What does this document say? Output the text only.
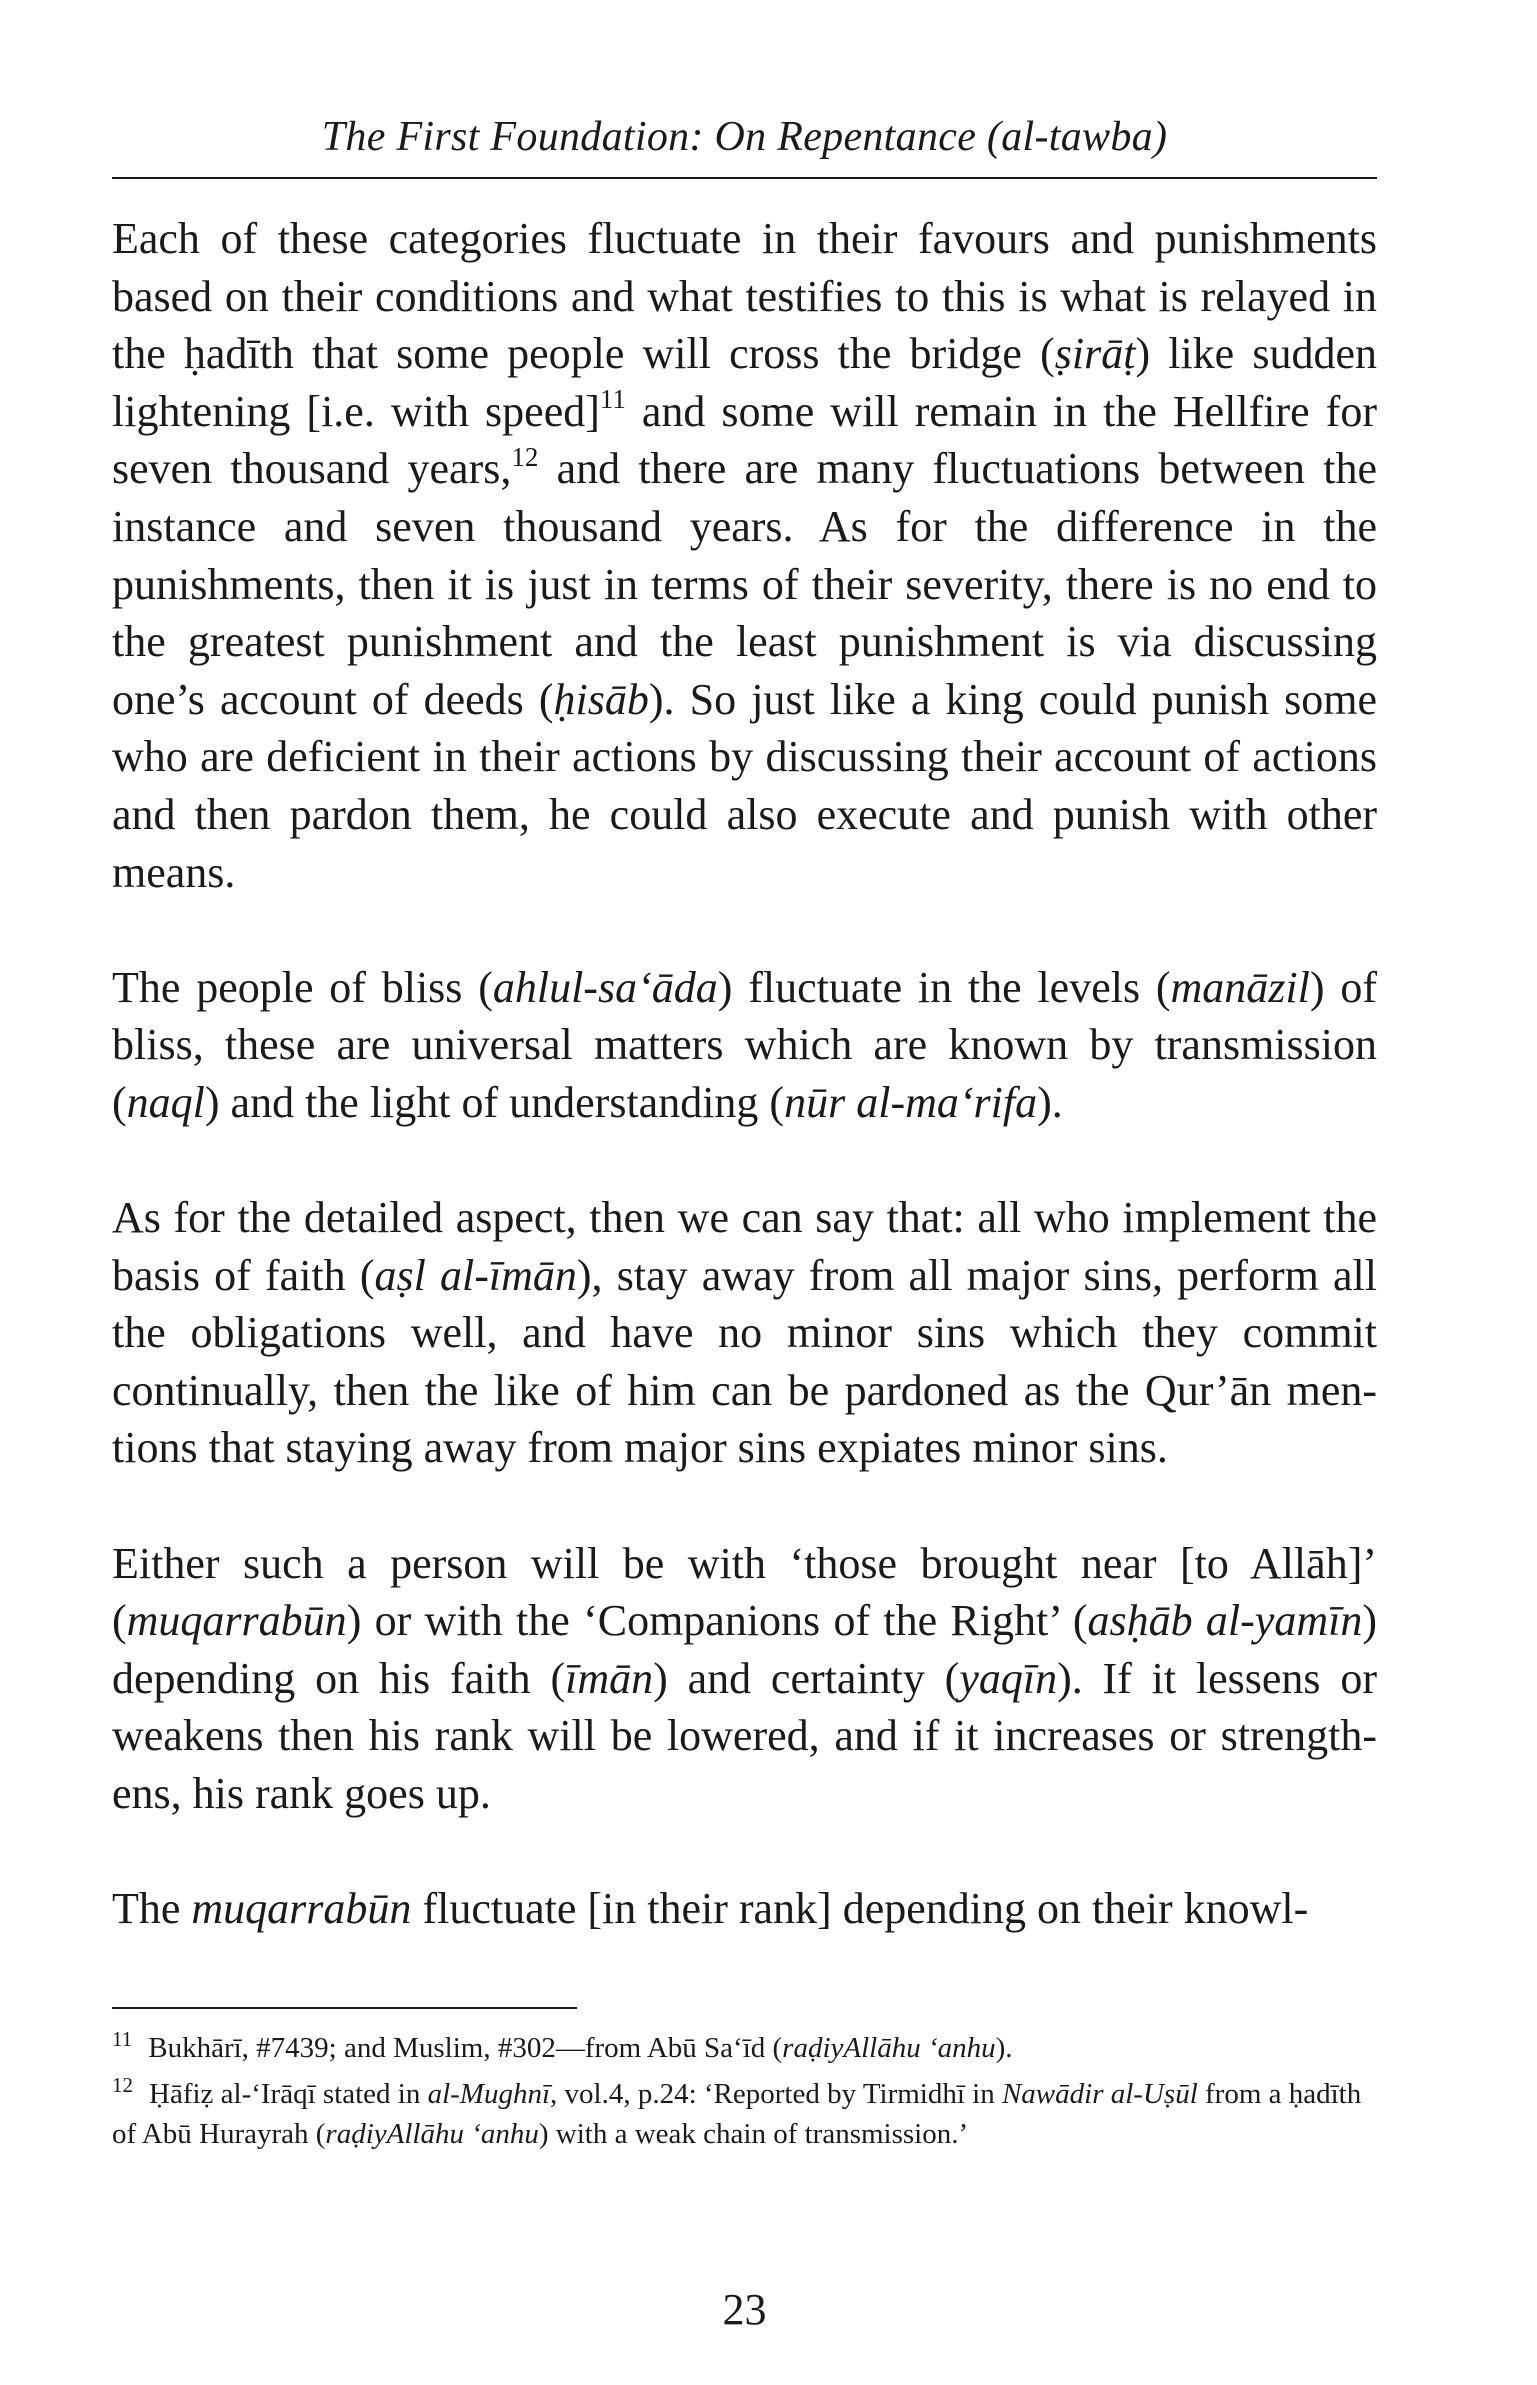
The First Foundation: On Repentance (al-tawba)

Each of these categories fluctuate in their favours and punishments based on their conditions and what testifies to this is what is relayed in the ḥadīth that some people will cross the bridge (ṣirāṭ) like sudden lightening [i.e. with speed]$^{11}$ and some will remain in the Hellfire for seven thousand years,$^{12}$ and there are many fluctuations between the instance and seven thousand years. As for the difference in the punishments, then it is just in terms of their severity, there is no end to the greatest punishment and the least punishment is via discussing one’s account of deeds (ḥisāb). So just like a king could punish some who are deficient in their actions by discussing their account of actions and then pardon them, he could also execute and punish with other means.

The people of bliss (ahlul-sa‘āda) fluctuate in the levels (manāzil) of bliss, these are universal matters which are known by transmission (naql) and the light of understanding (nūr al-ma‘rifa).

As for the detailed aspect, then we can say that: all who implement the basis of faith (aṣl al-īmān), stay away from all major sins, perform all the obligations well, and have no minor sins which they commit continually, then the like of him can be pardoned as the Qur’ān mentions that staying away from major sins expiates minor sins.

Either such a person will be with ‘those brought near [to Allāh]’ (muqarrabūn) or with the ‘Companions of the Right’ (asḥāb al-yamīn) depending on his faith (īmān) and certainty (yaqīn). If it lessens or weakens then his rank will be lowered, and if it increases or strengthens, his rank goes up.

The muqarrabūn fluctuate [in their rank] depending on their knowl-

$^{11}$ Bukhārī, #7439; and Muslim, #302—from Abū Sa‘īd (raḍiyAllāhu ‘anhu).
$^{12}$ Ḥāfiẓ al-‘Irāqī stated in al-Mughnī, vol.4, p.24: ‘Reported by Tirmidhī in Nawādir al-Uṣūl from a ḥadīth of Abū Hurayrah (raḍiyAllāhu ‘anhu) with a weak chain of transmission.’
23
